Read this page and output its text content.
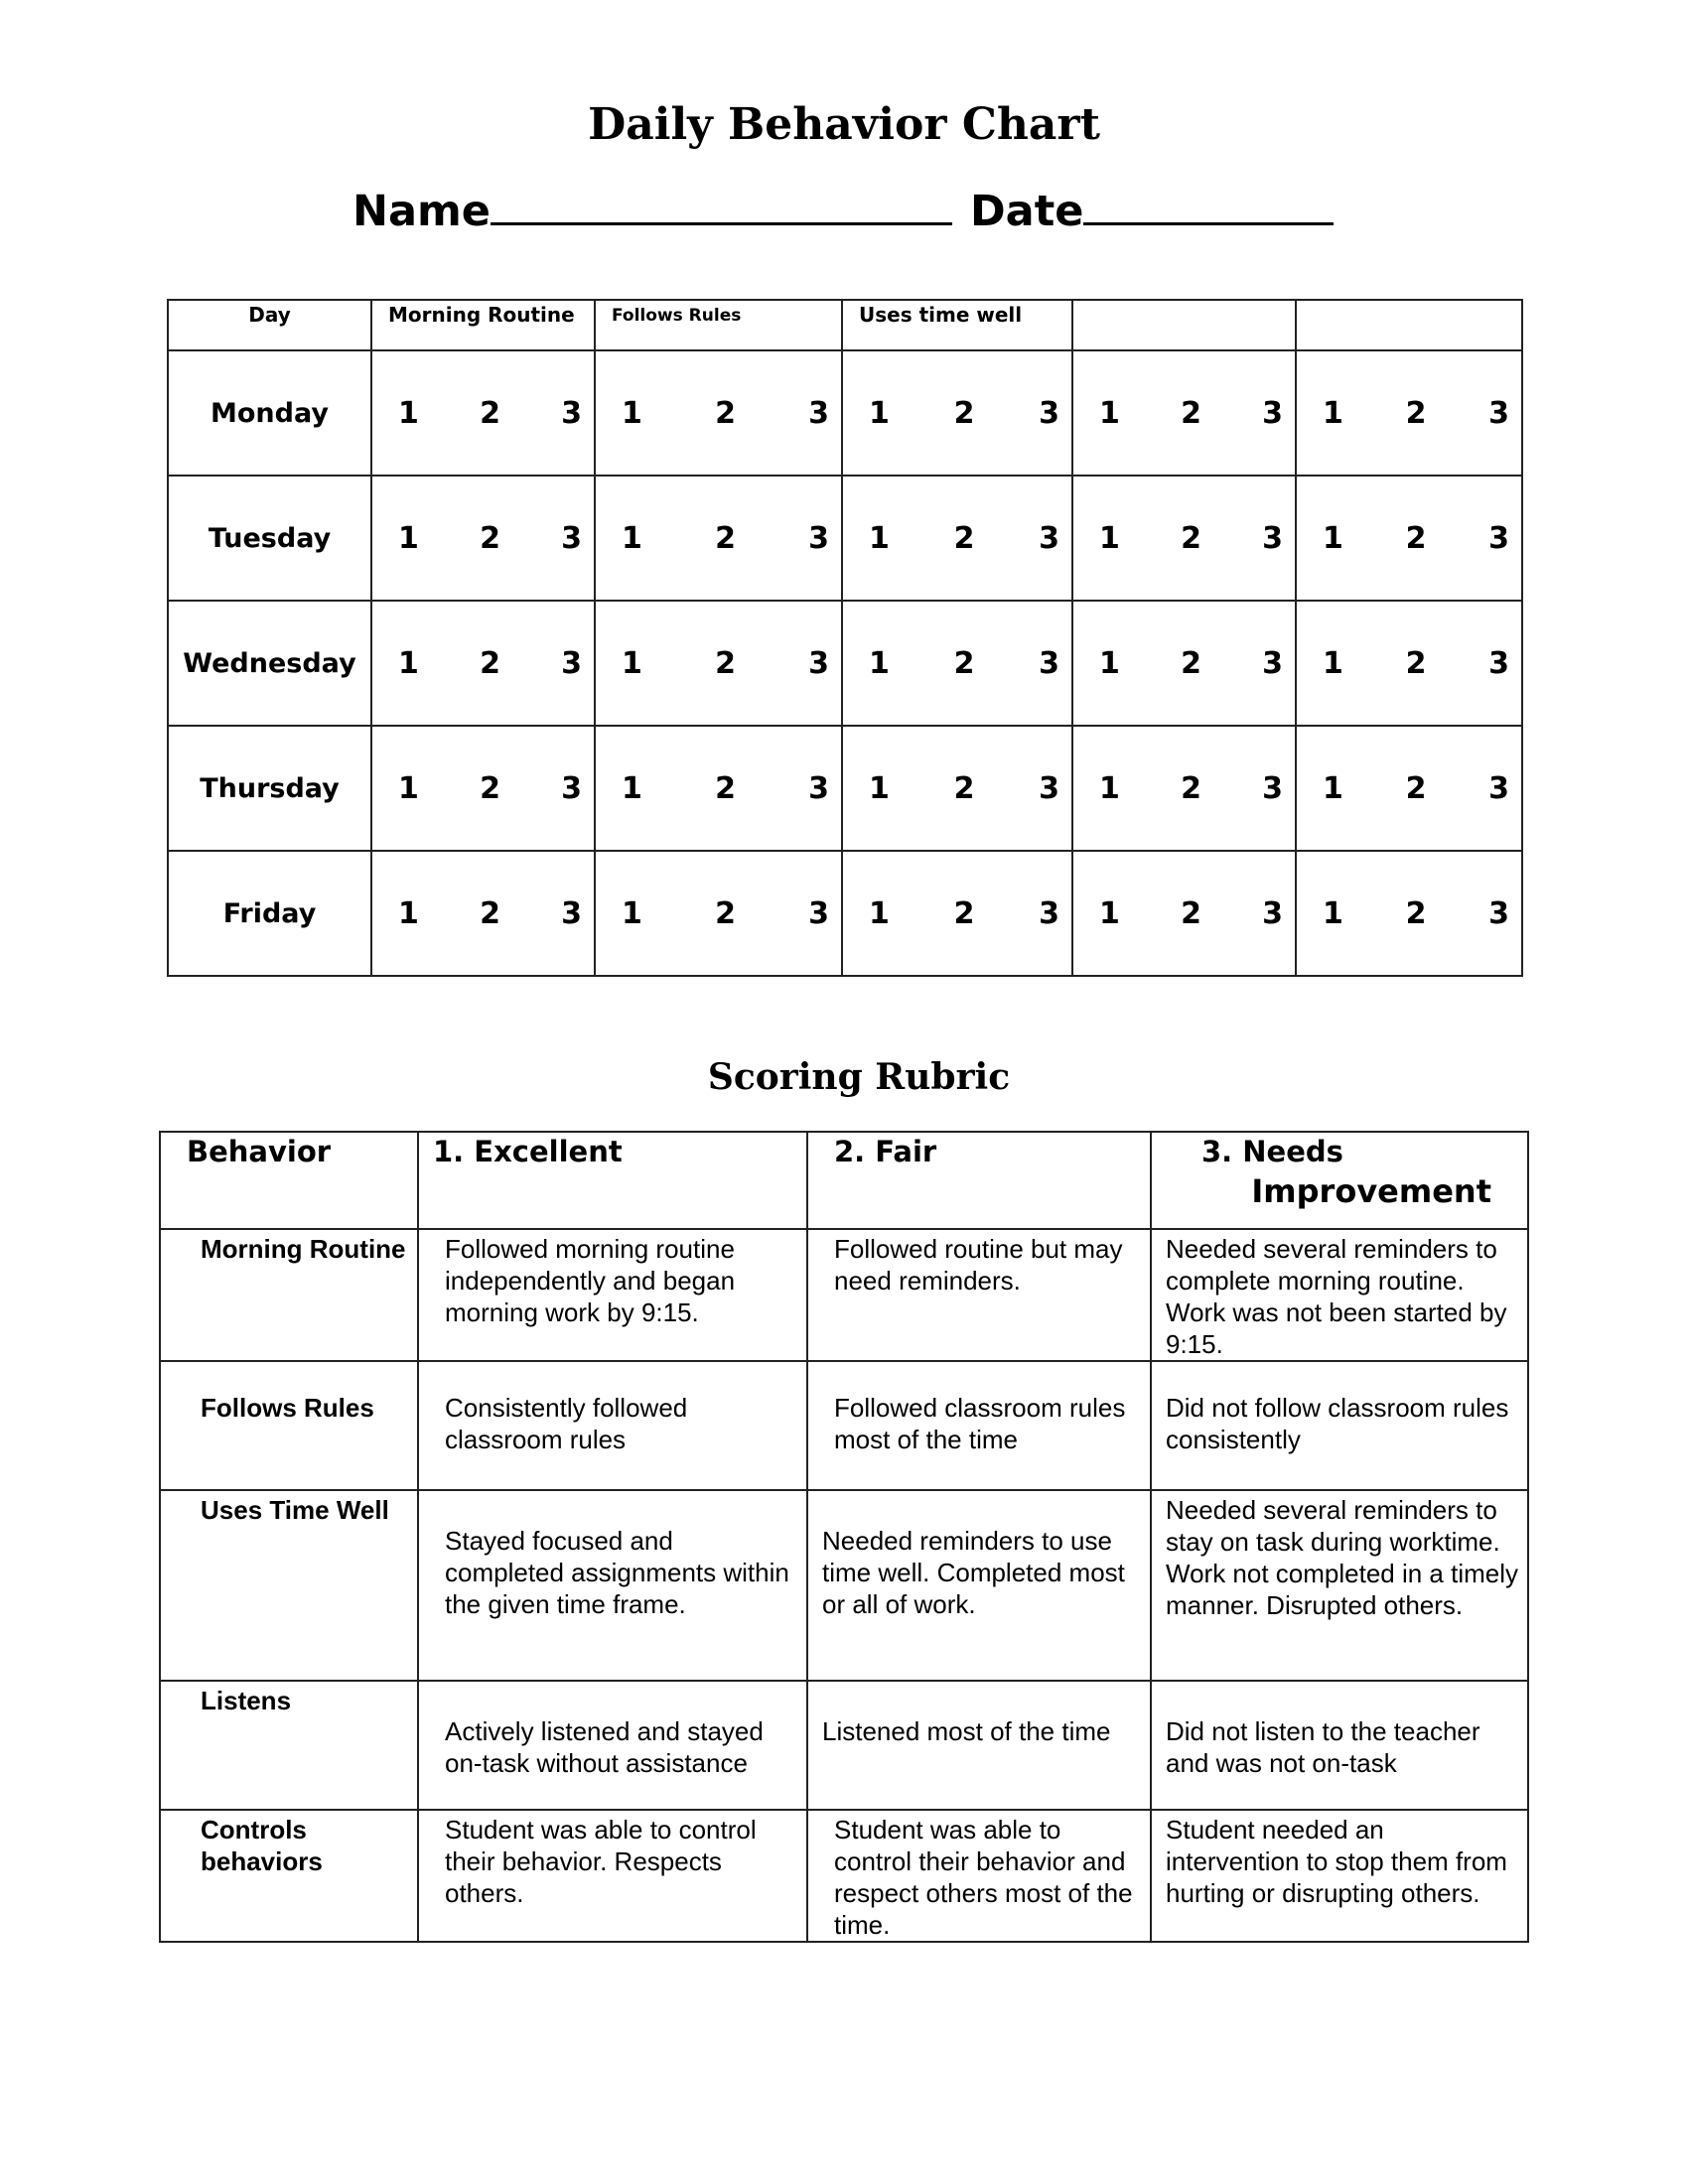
Daily Behavior Chart
Name	Date
Day	Morning Routine	Follows Rules	Uses time well		
Monday	1 2 3	1 2 3	1 2 3	1 2 3	1 2 3

Tuesday	1 2 3	1 2 3	1 2 3	1 2 3	1 2 3

Wednesday	1 2 3	1 2 3	1 2 3	1 2 3	1 2 3

Thursday	1 2 3	1 2 3	1 2 3	1 2 3	1 2 3

Friday	1 2 3	1 2 3	1 2 3	1 2 3	1 2 3
Scoring Rubric
Behavior	1. Excellent	2. Fair	3. Needs
Improvement

Morning Routine	Followed morning routine independently and began morning work by 9:15.	Followed routine but may need reminders.	Needed several reminders to complete morning routine. Work was not been started by 9:15.
Follows Rules	Consistently followed classroom rules	Followed classroom rules most of the time	Did not follow classroom rules consistently
Uses Time Well	Stayed focused and completed assignments within the given time frame.	Needed reminders to use time well. Completed most or all of work.	Needed several reminders to stay on task during worktime. Work not completed in a timely manner. Disrupted others.
Listens	Actively listened and stayed on-task without assistance	Listened most of the time	Did not listen to the teacher and was not on-task
Controls behaviors	Student was able to control their behavior. Respects others.	Student was able to control their behavior and respect others most of the time.	Student needed an intervention to stop them from hurting or disrupting others.
